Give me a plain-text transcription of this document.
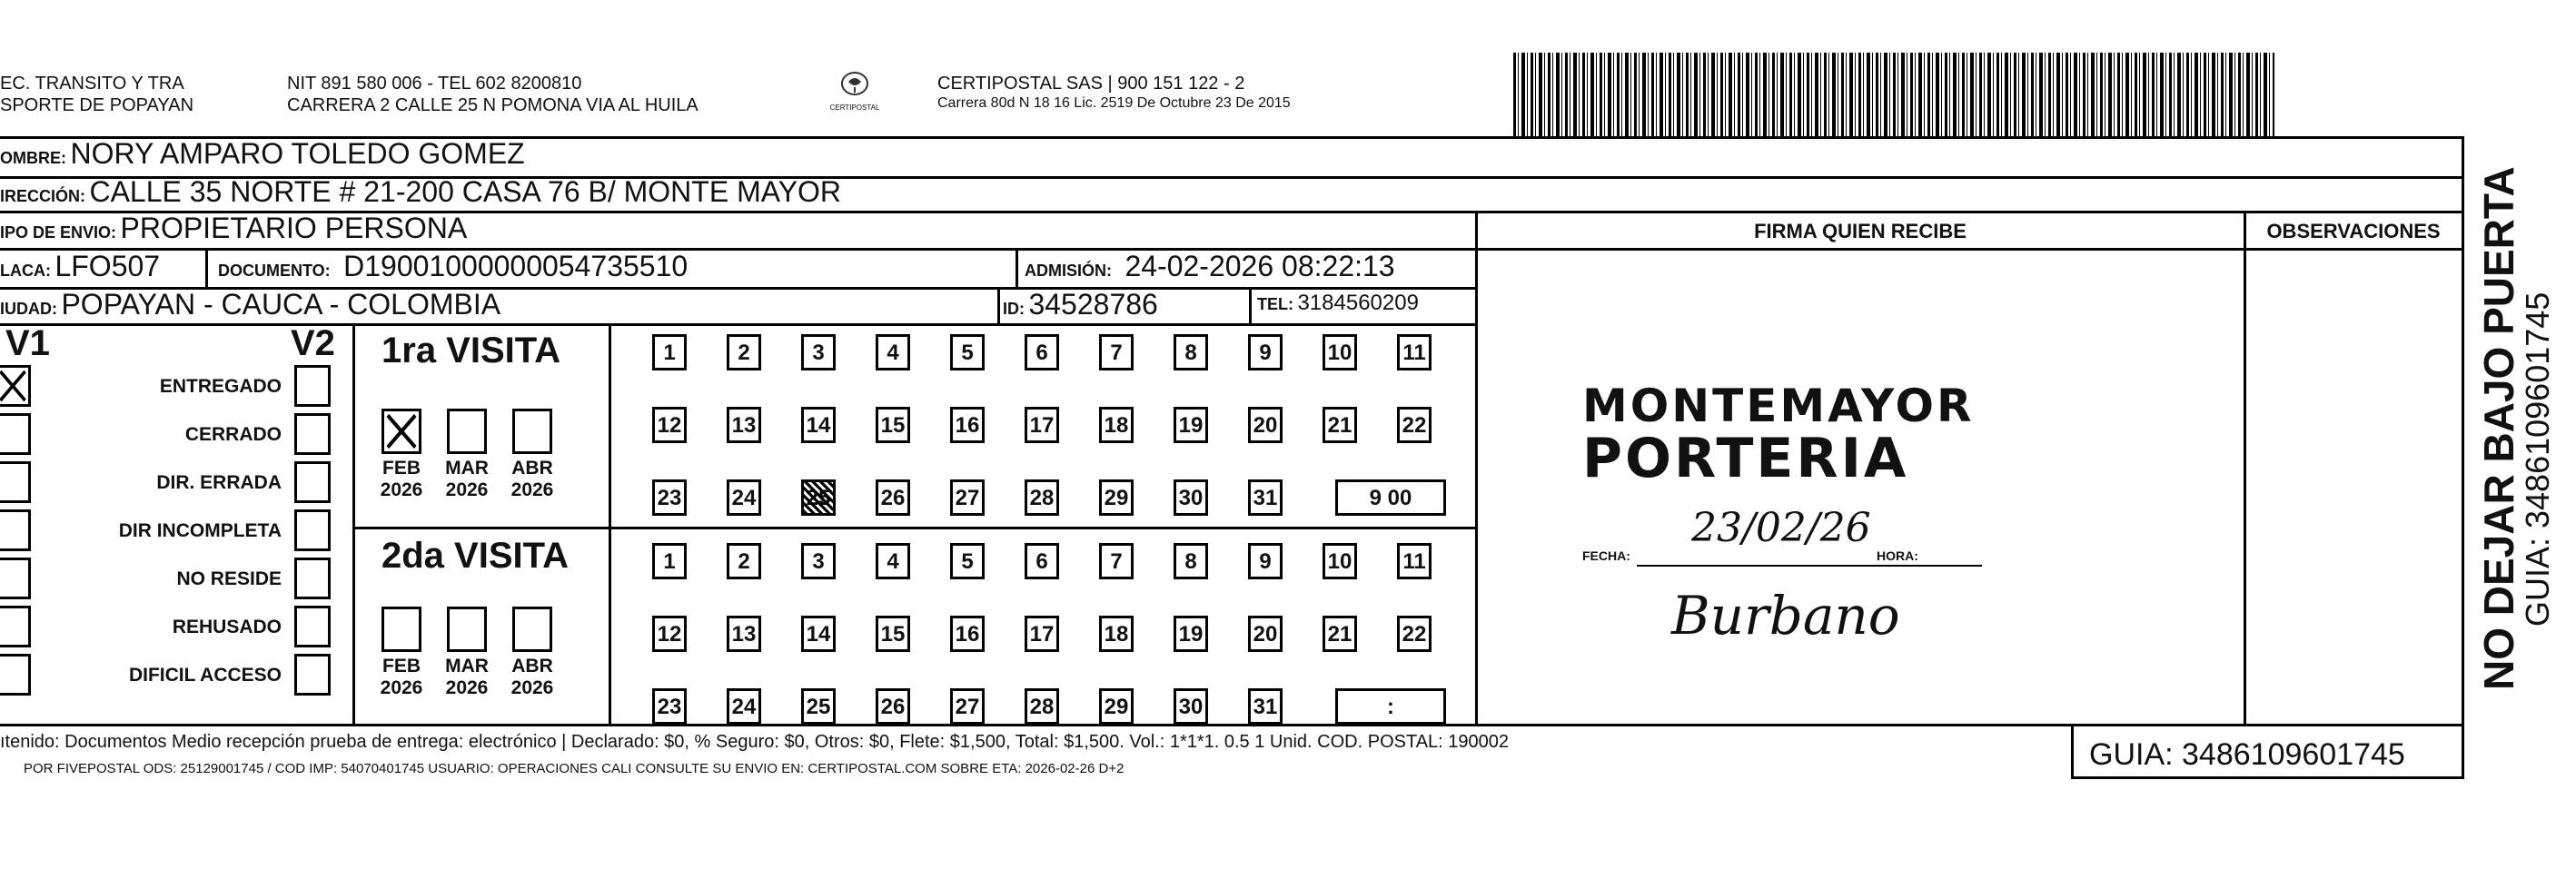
EC. TRANSITO Y TRA
SPORTE DE POPAYAN
NIT 891 580 006 - TEL 602 8200810
CARRERA 2 CALLE 25 N POMONA VIA AL HUILA	CERTIPOSTAL
CERTIPOSTAL SAS | 900 151 122 - 2
Carrera 80d N 18 16 Lic. 2519 De Octubre 23 De 2015
OMBRE: NORY AMPARO TOLEDO GOMEZ
IRECCIÓN: CALLE 35 NORTE # 21-200 CASA 76 B/ MONTE MAYOR
IPO DE ENVIO: PROPIETARIO PERSONA	FIRMA QUIEN RECIBE	OBSERVACIONES
LACA: LFO507	DOCUMENTO: D19001000000054735510	ADMISIÓN: 24-02-2026 08:22:13
IUDAD: POPAYAN - CAUCA - COLOMBIA	ID: 34528786	TEL: 3184560209
V1	V2
ENTREGADO
CERRADO
DIR. ERRADA
DIR INCOMPLETA
NO RESIDE
REHUSADO
DIFICIL ACCESO
1ra VISITA
FEB
2026
MAR
2026
ABR
2026
1	2	3	4	5	6	7	8	9	10 11
12 13 14 15 16 17 18 19 20 21 22
23 24 25 26 27 28 29 30 31	9 00
2da VISITA
FEB
2026
MAR
2026
ABR
2026
1	2	3	4	5	6	7	8	9	10 11
12 13 14 15 16 17 18 19 20 21 22
23 24 25 26 27 28 29 30 31	:
MONTEMAYOR
PORTERIA
FECHA:
23/02/26
HORA:
Burbano
ıtenido: Documentos Medio recepción prueba de entrega: electrónico | Declarado: $0, % Seguro: $0, Otros: $0, Flete: $1,500, Total: $1,500. Vol.: 1*1*1. 0.5 1 Unid. COD. POSTAL: 190002
POR FIVEPOSTAL ODS: 25129001745 / COD IMP: 54070401745 USUARIO: OPERACIONES CALI CONSULTE SU ENVIO EN: CERTIPOSTAL.COM SOBRE ETA: 2026-02-26 D+2	GUIA: 3486109601745
NO DEJAR BAJO PUERTA
GUIA: 3486109601745
